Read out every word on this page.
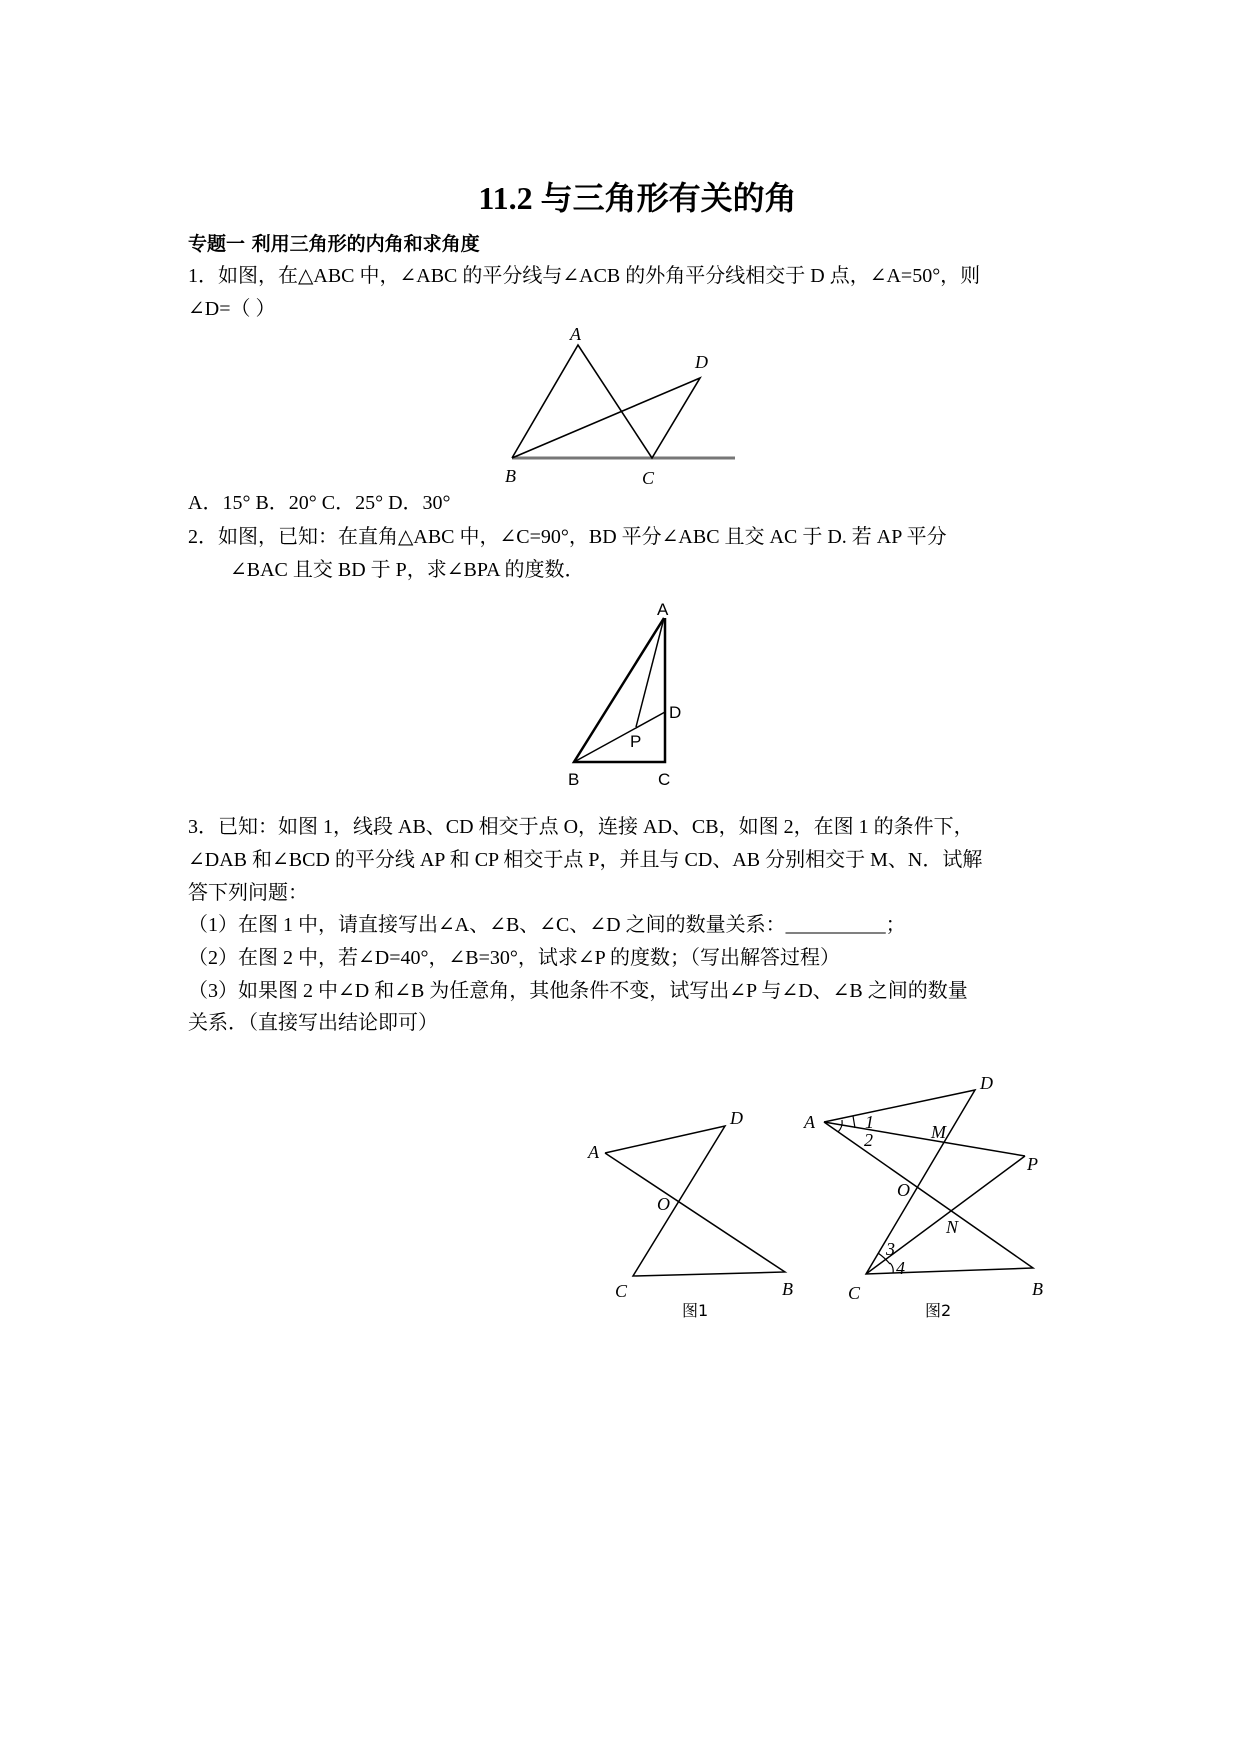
11.2 与三角形有关的角
专题一 利用三角形的内角和求角度
1．如图，在△ABC 中，∠ABC 的平分线与∠ACB 的外角平分线相交于 D 点，∠A=50°，则
∠D=（ ）
A
B	C
D
A
B	C
D
P
A
D
O
C	B
A
D
M
P
O
N
C	B
1
2
3
4
图1	图2
A．15° B．20° C．25° D．30°
2．如图，已知：在直角△ABC 中，∠C=90°，BD 平分∠ABC 且交 AC 于 D. 若 AP 平分
∠BAC 且交 BD 于 P，求∠BPA 的度数．
3．已知：如图 1，线段 AB、CD 相交于点 O，连接 AD、CB，如图 2，在图 1 的条件下，
∠DAB 和∠BCD 的平分线 AP 和 CP 相交于点 P，并且与 CD、AB 分别相交于 M、N．试解
答下列问题：
（1）在图 1 中，请直接写出∠A、∠B、∠C、∠D 之间的数量关系：__________；
（2）在图 2 中，若∠D=40°，∠B=30°，试求∠P 的度数；（写出解答过程）
（3）如果图 2 中∠D 和∠B 为任意角，其他条件不变，试写出∠P 与∠D、∠B 之间的数量
关系．（直接写出结论即可）
